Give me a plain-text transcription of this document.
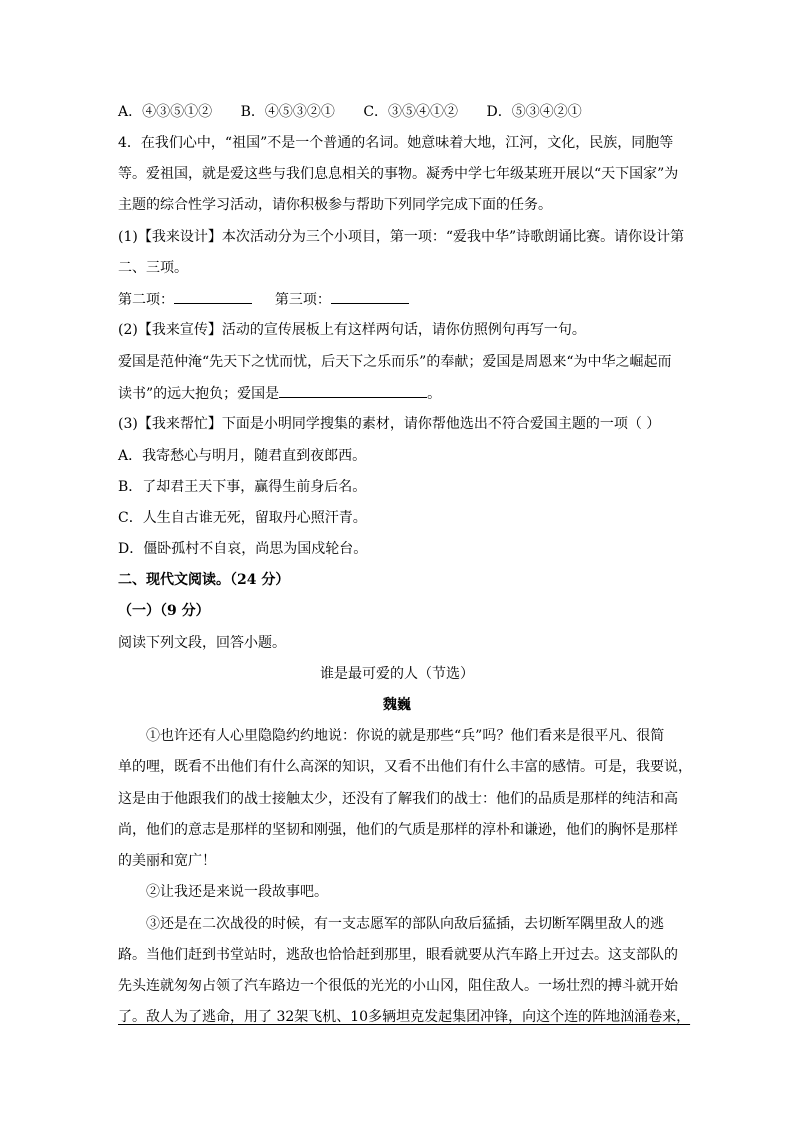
A．④③⑤①② B．④⑤③②① C．③⑤④①② D．⑤③④②①
4．在我们心中，“祖国”不是一个普通的名词。她意味着大地，江河，文化，民族，同胞等
等。爱祖国，就是爱这些与我们息息相关的事物。凝秀中学七年级某班开展以“天下国家”为
主题的综合性学习活动，请你积极参与帮助下列同学完成下面的任务。
(1)【我来设计】本次活动分为三个小项目，第一项：“爱我中华”诗歌朗诵比赛。请你设计第
二、三项。
第二项：	第三项：
(2)【我来宣传】活动的宣传展板上有这样两句话，请你仿照例句再写一句。
爱国是范仲淹“先天下之忧而忧，后天下之乐而乐”的奉献；爱国是周恩来“为中华之崛起而
读书”的远大抱负；爱国是	。
(3)【我来帮忙】下面是小明同学搜集的素材，请你帮他选出不符合爱国主题的一项（ ）
A．我寄愁心与明月，随君直到夜郎西。
B．了却君王天下事，赢得生前身后名。
C．人生自古谁无死，留取丹心照汗青。
D．僵卧孤村不自哀，尚思为国戍轮台。
二、现代文阅读。（24 分）
（一）（9 分）
阅读下列文段，回答小题。
谁是最可爱的人（节选）
魏巍
①也许还有人心里隐隐约约地说：你说的就是那些“兵”吗？他们看来是很平凡、很简
单的哩，既看不出他们有什么高深的知识，又看不出他们有什么丰富的感情。可是，我要说，
这是由于他跟我们的战士接触太少，还没有了解我们的战士：他们的品质是那样的纯洁和高
尚，他们的意志是那样的坚韧和刚强，他们的气质是那样的淳朴和谦逊，他们的胸怀是那样
的美丽和宽广！
②让我还是来说一段故事吧。
③还是在二次战役的时候，有一支志愿军的部队向敌后猛插，去切断军隅里敌人的逃
路。当他们赶到书堂站时，逃敌也恰恰赶到那里，眼看就要从汽车路上开过去。这支部队的
先头连就匆匆占领了汽车路边一个很低的光光的小山冈，阻住敌人。一场壮烈的搏斗就开始
了。敌人为了逃命，用了 32架飞机、10多辆坦克发起集团冲锋，向这个连的阵地汹涌卷来，
